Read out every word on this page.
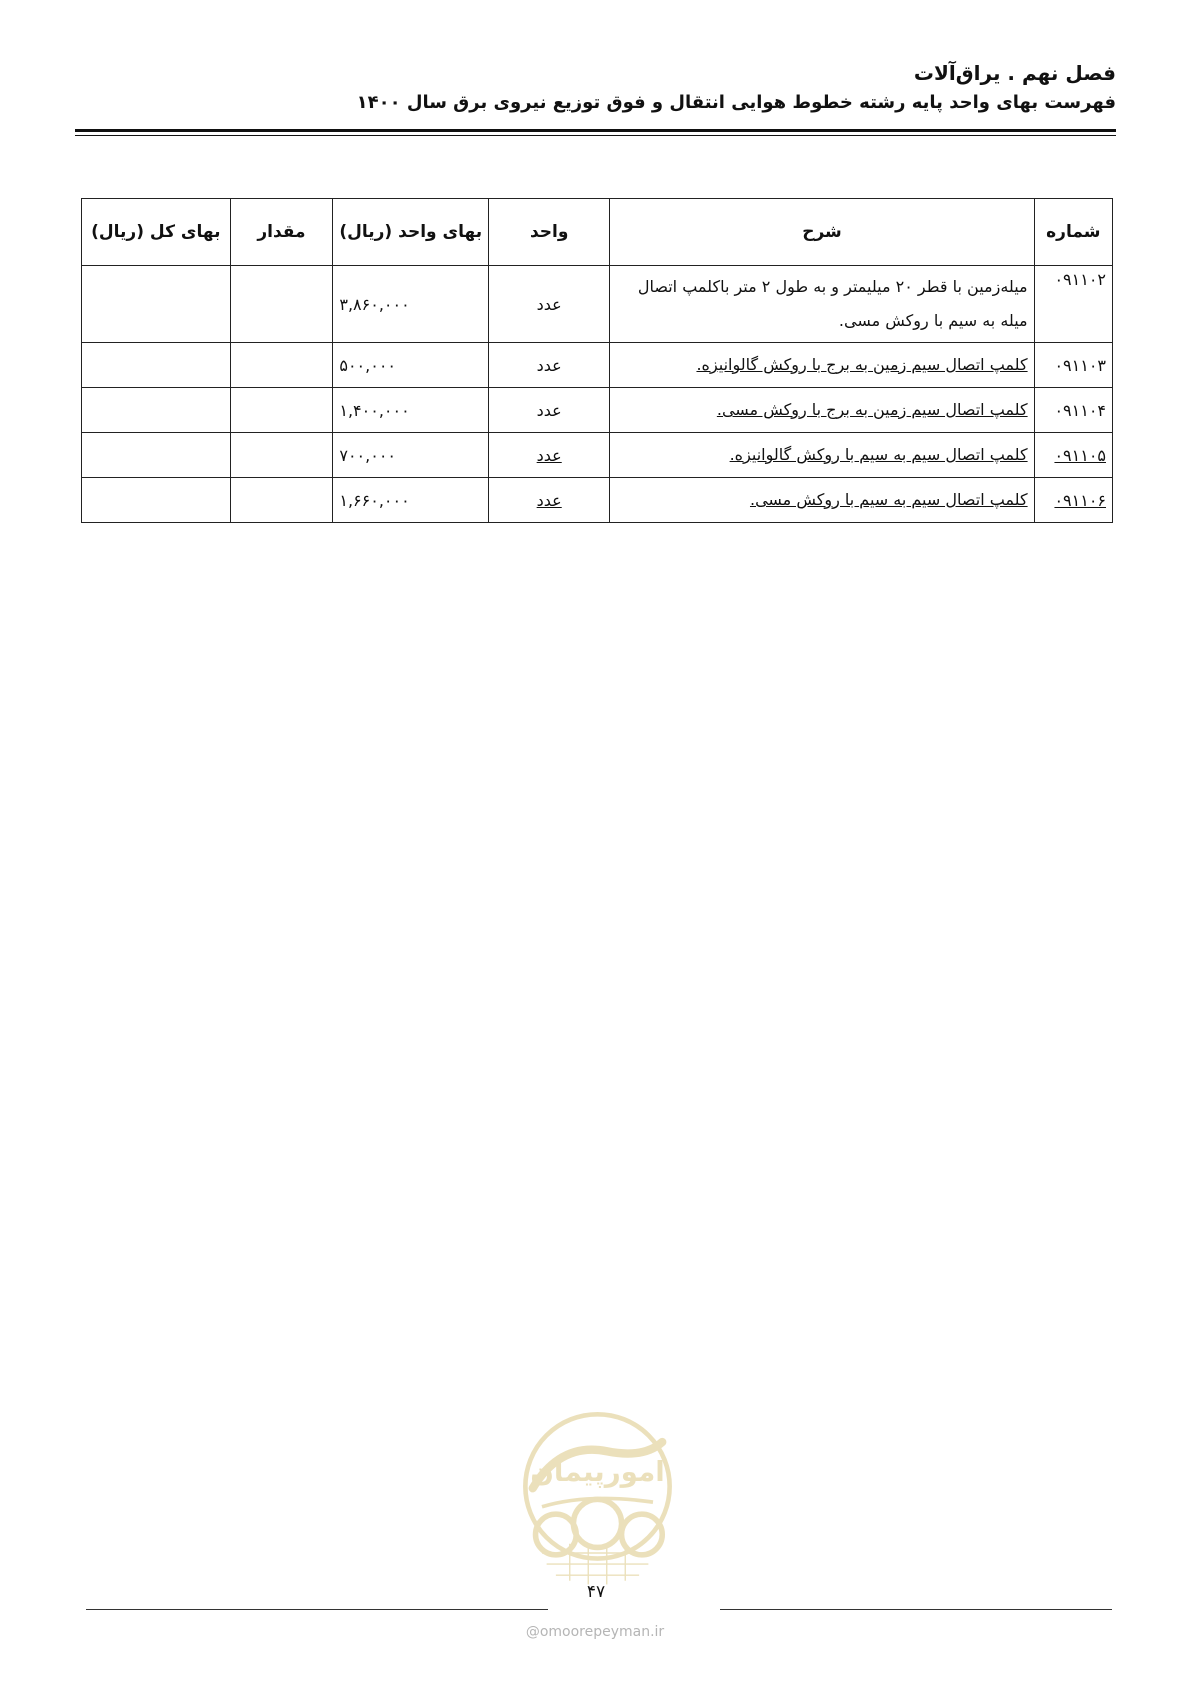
فصل نهم . یراق‌آلات
فهرست بهای واحد پایه رشته خطوط هوایی انتقال و فوق توزیع نیروی برق سال ۱۴۰۰
شماره	شرح	واحد	بهای واحد (ریال)	مقدار	بهای کل (ریال)
۰۹۱۱۰۲	میله‌زمین با قطر ۲۰ میلیمتر و به طول ۲ متر باکلمپ اتصال میله به سیم با روکش مسی.	عدد	۳,۸۶۰,۰۰۰		
۰۹۱۱۰۳	کلمپ اتصال سیم زمین به برج با روکش گالوانیزه.	عدد	۵۰۰,۰۰۰		
۰۹۱۱۰۴	کلمپ اتصال سیم زمین به برج با روکش مسی.	عدد	۱,۴۰۰,۰۰۰		
۰۹۱۱۰۵	کلمپ اتصال سیم به سیم با روکش گالوانیزه.	عدد	۷۰۰,۰۰۰		
۰۹۱۱۰۶	کلمپ اتصال سیم به سیم با روکش مسی.	عدد	۱,۶۶۰,۰۰۰		
امورپیمان
۴۷
@omoorepeyman.ir
